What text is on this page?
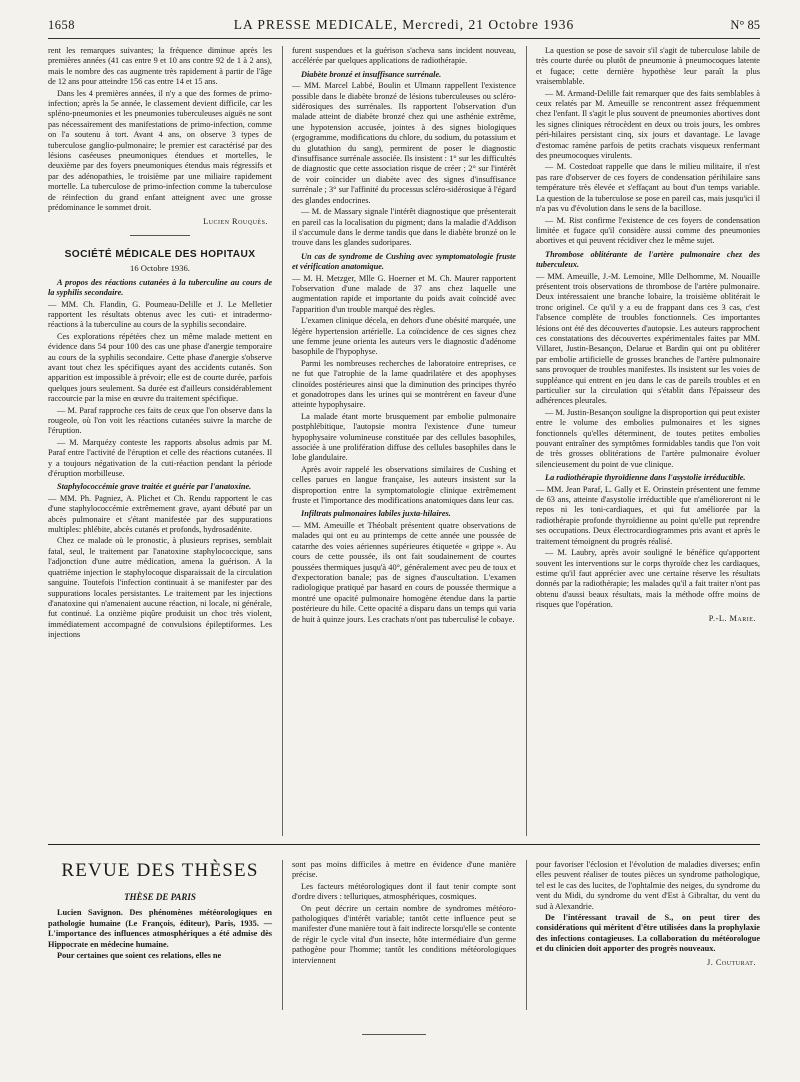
1658	LA PRESSE MEDICALE, Mercredi, 21 Octobre 1936	N° 85

rent les remarques suivantes; la fréquence diminue après les premières années (41 cas entre 9 et 10 ans contre 92 de 1 à 2 ans), mais le nombre des cas augmente très rapidement à partir de l'âge de 12 ans pour atteindre 156 cas entre 14 et 15 ans.

Dans les 4 premières années, il n'y a que des formes de primo-infection; après la 5e année, le classement devient difficile, car les spléno-pneumonies et les pneumonies tuberculeuses aiguës ne sont pas nécessairement des manifestations de primo-infection, comme on l'a soutenu à tort. Avant 4 ans, on observe 3 types de tuberculose ganglio-pulmonaire; le premier est caractérisé par des lésions caséeuses pneumoniques étendues et mortelles, le deuxième par des foyers pneumoniques étendus mais régressifs et par des adénopathies, le troisième par une miliaire rapidement mortelle. La tuberculose de primo-infection comme la tuberculose de réinfection du grand enfant atteignent avec une grosse prédominance le sommet droit.

Lucien Rouquès.

SOCIÉTÉ MÉDICALE DES HOPITAUX
16 Octobre 1936.

A propos des réactions cutanées à la tuberculine au cours de la syphilis secondaire.

— MM. Ch. Flandin, G. Poumeau-Delille et J. Le Melletier rapportent les résultats obtenus avec les cuti- et intradermo-réactions à la tuberculine au cours de la syphilis secondaire.

Ces explorations répétées chez un même malade mettent en évidence dans 54 pour 100 des cas une phase d'anergie temporaire au cours de la syphilis secondaire. Cette phase d'anergie s'observe avant tout chez les spécifiques ayant des accidents cutanés. Son apparition est impossible à prévoir; elle est de courte durée, parfois quelques jours seulement. Sa durée est d'ailleurs considérablement raccourcie par la mise en œuvre du traitement spécifique.

— M. Paraf rapproche ces faits de ceux que l'on observe dans la rougeole, où l'on voit les réactions cutanées suivre la marche de l'éruption.

— M. Marquézy conteste les rapports absolus admis par M. Paraf entre l'activité de l'éruption et celle des réactions cutanées. Il y a toujours négativation de la cuti-réaction pendant la période d'éruption morbilleuse.

Staphylococcémie grave traitée et guérie par l'anatoxine.

— MM. Ph. Pagniez, A. Plichet et Ch. Rendu rapportent le cas d'une staphylococcémie extrêmement grave, ayant débuté par un abcès pulmonaire et s'étant manifestée par des suppurations multiples: phlébite, abcès cutanés et profonds, hydrosadénite.

Chez ce malade où le pronostic, à plusieurs reprises, semblait fatal, seul, le traitement par l'anatoxine staphylococcique, sans l'adjonction d'une autre médication, amena la guérison. A la quatrième injection le staphylocoque disparaissait de la circulation sanguine. Toutefois l'infection continuait à se manifester par des suppurations locales persistantes. Le traitement par les injections d'anatoxine qui n'amenaient aucune réaction, ni locale, ni générale, fut continué. La onzième piqûre produisit un choc très violent, immédiatement accompagné de convulsions épileptiformes. Les injections

furent suspendues et la guérison s'acheva sans incident nouveau, accélérée par quelques applications de radiothérapie.

Diabète bronzé et insuffisance surrénale.

— MM. Marcel Labbé, Boulin et Ulmann rappellent l'existence possible dans le diabète bronzé de lésions tuberculeuses ou scléro-sidérosiques des surrénales. Ils rapportent l'observation d'un malade atteint de diabète bronzé chez qui une asthénie extrême, une hypotension accusée, jointes à des signes biologiques (ergogramme, modifications du chlore, du sodium, du potassium et du glutathion du sang), permirent de poser le diagnostic d'insuffisance surrénale associée. Ils insistent : 1° sur les difficultés de diagnostic que cette association risque de créer ; 2° sur l'intérêt de voir coïncider un diabète avec des signes d'insuffisance surrénale ; 3° sur l'affinité du processus scléro-sidérosique à l'égard des glandes endocrines.

— M. de Massary signale l'intérêt diagnostique que présenterait en pareil cas la localisation du pigment; dans la maladie d'Addison il s'accumule dans le derme tandis que dans le diabète bronzé on le trouve dans les glandes sudoripares.

Un cas de syndrome de Cushing avec symptomatologie fruste et vérification anatomique.

— M. H. Metzger, Mlle G. Hoerner et M. Ch. Maurer rapportent l'observation d'une malade de 37 ans chez laquelle une augmentation rapide et importante du poids avait coïncidé avec l'apparition d'un trouble marqué des règles.

L'examen clinique décela, en dehors d'une obésité marquée, une légère hypertension artérielle. La coïncidence de ces signes chez une femme jeune orienta les auteurs vers le diagnostic d'adénome basophile de l'hypophyse.

Parmi les nombreuses recherches de laboratoire entreprises, ce ne fut que l'atrophie de la lame quadrilatère et des apophyses clinoïdes postérieures ainsi que la diminution des principes thyréo et gonadotropes dans les urines qui se montrèrent en faveur d'une atteinte hypophysaire.

La malade étant morte brusquement par embolie pulmonaire postphlébitique, l'autopsie montra l'existence d'une tumeur hypophysaire volumineuse constituée par des cellules basophiles, associée à une prolifération diffuse des cellules basophiles dans le lobe glandulaire.

Après avoir rappelé les observations similaires de Cushing et celles parues en langue française, les auteurs insistent sur la disproportion entre la symptomatologie clinique extrêmement fruste et l'importance des modifications anatomiques dans leur cas.

Infiltrats pulmonaires labiles juxta-hilaires.

— MM. Ameuille et Théobalt présentent quatre observations de malades qui ont eu au printemps de cette année une poussée de catarrhe des voies aériennes supérieures étiquetée « grippe ». Au cours de cette poussée, ils ont fait soudainement de courtes poussées thermiques jusqu'à 40°, généralement avec peu de toux et d'expectoration banale; pas de signes d'auscultation. L'examen radiologique pratiqué par hasard en cours de poussée thermique a montré une opacité pulmonaire homogène étendue dans la partie postérieure du hile. Cette opacité a disparu dans un temps qui varia de huit à quinze jours. Les crachats n'ont pas tuberculisé le cobaye.

La question se pose de savoir s'il s'agit de tuberculose labile de très courte durée ou plutôt de pneumonie à pneumocoques latente et fugace; cette dernière hypothèse leur paraît la plus vraisemblable.

— M. Armand-Delille fait remarquer que des faits semblables à ceux relatés par M. Ameuille se rencontrent assez fréquemment chez l'enfant. Il s'agit le plus souvent de pneumonies abortives dont les signes cliniques rétrocèdent en deux ou trois jours, les ombres péri-hilaires persistant cinq, six jours et davantage. Le lavage d'estomac ramène parfois de petits crachats visqueux renfermant des pneumocoques virulents.

— M. Costedoat rappelle que dans le milieu militaire, il n'est pas rare d'observer de ces foyers de condensation périhilaire sans température très élevée et s'effaçant au bout d'un temps variable. La question de la tuberculose se pose en pareil cas, mais jusqu'ici il n'a pas vu d'évolution dans le sens de la bacillose.

— M. Rist confirme l'existence de ces foyers de condensation limitée et fugace qu'il considère aussi comme des pneumonies abortives et qui peuvent récidiver chez le même sujet.

Thrombose oblitérante de l'artère pulmonaire chez des tuberculeux.

— MM. Ameuille, J.-M. Lemoine, Mlle Delhomme, M. Nouaille présentent trois observations de thrombose de l'artère pulmonaire. Deux intéressaient une branche lobaire, la troisième oblitérait le tronc originel. Ce qu'il y a eu de frappant dans ces 3 cas, c'est l'absence complète de troubles fonctionnels. Ces importantes lésions ont été des découvertes d'autopsie. Les auteurs rapprochent ces constatations des découvertes expérimentales faites par MM. Villaret, Justin-Besançon, Delarue et Bardin qui ont pu oblitérer par embolie artificielle de grosses branches de l'artère pulmonaire sans provoquer de troubles manifestes. Ils insistent sur les voies de suppléance qui entrent en jeu dans le cas de pareils troubles et en particulier sur la circulation qui s'établit dans l'épaisseur des adhérences pleurales.

— M. Justin-Besançon souligne la disproportion qui peut exister entre le volume des embolies pulmonaires et les signes fonctionnels qu'elles déterminent, de toutes petites embolies pouvant entraîner des symptômes formidables tandis que l'on voit de très grosses oblitérations de l'artère pulmonaire évoluer silencieusement du point de vue clinique.

La radiothérapie thyroïdienne dans l'asystolie irréductible.

— MM. Jean Paraf, L. Gally et E. Orinstein présentent une femme de 63 ans, atteinte d'asystolie irréductible que n'amélioreront ni le repos ni les toni-cardiaques, et qui fut améliorée par la radiothérapie profonde thyroïdienne au point qu'elle put reprendre ses occupations. Deux électrocardiogrammes pris avant et après le traitement témoignent du progrès réalisé.

— M. Laubry, après avoir souligné le bénéfice qu'apportent souvent les interventions sur le corps thyroïde chez les cardiaques, estime qu'il faut apprécier avec une certaine réserve les résultats donnés par la radiothérapie; les malades qu'il a fait traiter n'ont pas obtenu d'aussi beaux résultats, mais la méthode offre moins de risques que l'opération.

P.-L. Marie.

REVUE DES THÈSES
THÈSE DE PARIS

Lucien Savignon. Des phénomènes météorologiques en pathologie humaine (Le François, éditeur), Paris, 1935. — L'importance des influences atmosphériques a été admise dès Hippocrate en médecine humaine.

Pour certaines que soient ces relations, elles ne

sont pas moins difficiles à mettre en évidence d'une manière précise.

Les facteurs météorologiques dont il faut tenir compte sont d'ordre divers : telluriques, atmosphériques, cosmiques.

On peut décrire un certain nombre de syndromes météoro-pathologiques d'intérêt variable; tantôt cette influence peut se manifester d'une manière tout à fait indirecte lorsqu'elle se contente de régir le cycle vital d'un insecte, hôte intermédiaire d'un germe pathogène pour l'homme; tantôt les conditions météorologiques interviennent

pour favoriser l'éclosion et l'évolution de maladies diverses; enfin elles peuvent réaliser de toutes pièces un syndrome pathologique, tel est le cas des lucites, de l'ophtalmie des neiges, du syndrome du vent du Midi, du syndrome du vent d'Est à Gibraltar, du vent du sud à Alexandrie.

De l'intéressant travail de S., on peut tirer des considérations qui méritent d'être utilisées dans la prophylaxie des infections contagieuses. La collaboration du météorologue et du clinicien doit apporter des progrès nouveaux.

J. Couturat.
